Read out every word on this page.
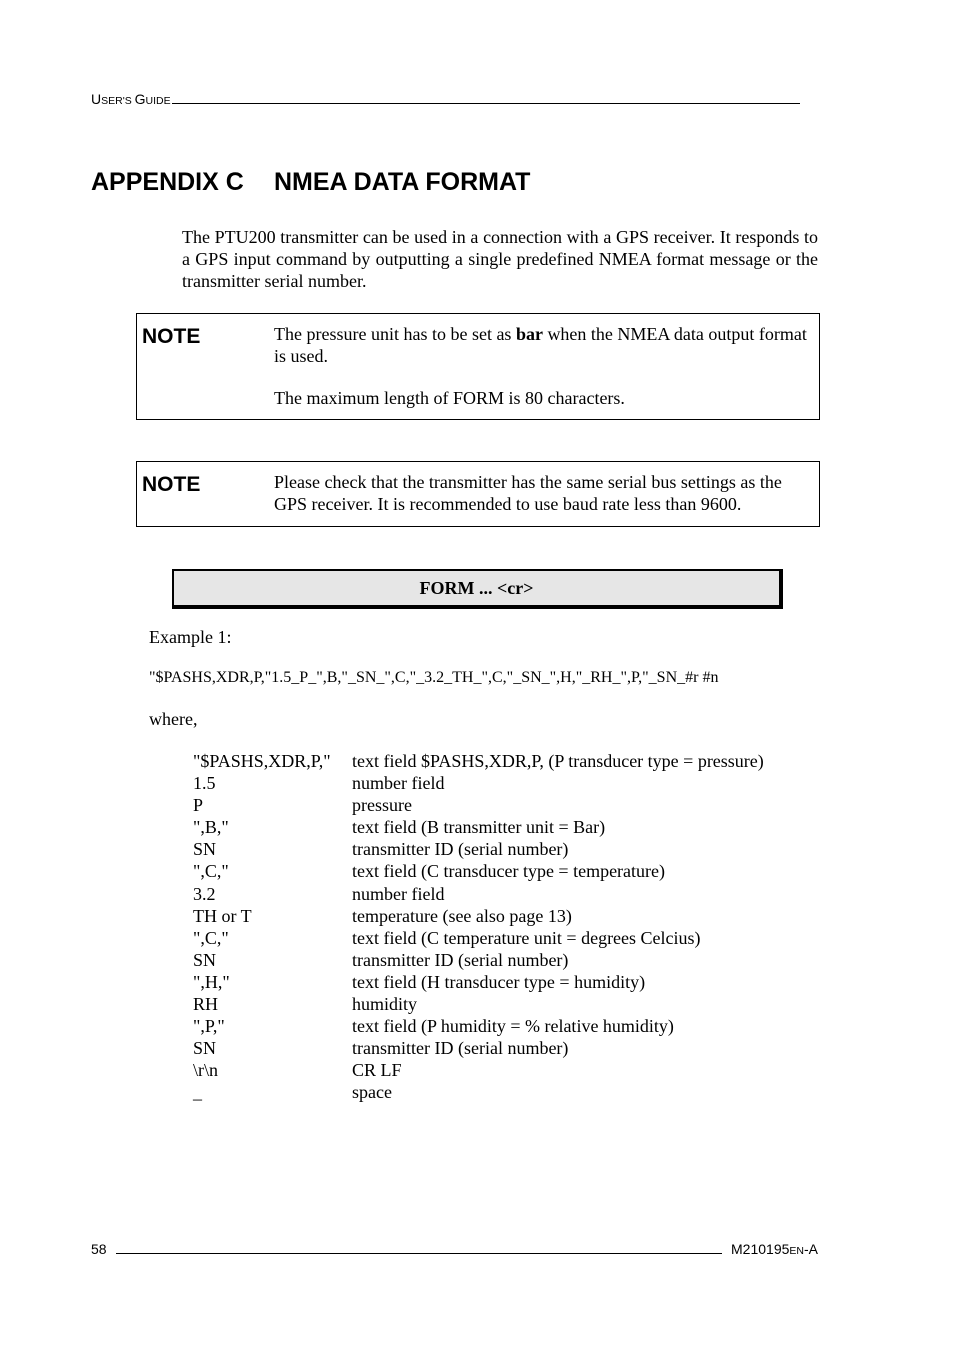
USER'S GUIDE
APPENDIX C NMEA DATA FORMAT
The PTU200 transmitter can be used in a connection with a GPS receiver. It responds to a GPS input command by outputting a single predefined NMEA format message or the transmitter serial number.
NOTE	The pressure unit has to be set as bar when the NMEA data output format is used.

The maximum length of FORM is 80 characters.

NOTE	Please check that the transmitter has the same serial bus settings as the GPS receiver. It is recommended to use baud rate less than 9600.
FORM ... <cr>
Example 1:
"$PASHS,XDR,P,"1.5_P_",B,"_SN_",C,"_3.2_TH_",C,"_SN_",H,"_RH_",P,"_SN_#r #n
where,
"$PASHS,XDR,P,"	text field $PASHS,XDR,P, (P transducer type = pressure)
1.5	number field
P	pressure
",B,"	text field (B transmitter unit = Bar)
SN	transmitter ID (serial number)
",C,"	text field (C transducer type = temperature)
3.2	number field
TH or T	temperature (see also page 13)
",C,"	text field (C temperature unit = degrees Celcius)
SN	transmitter ID (serial number)
",H,"	text field (H transducer type = humidity)
RH	humidity
",P,"	text field (P humidity = % relative humidity)
SN	transmitter ID (serial number)
\r\n	CR LF
_	space
58	M210195EN-A
